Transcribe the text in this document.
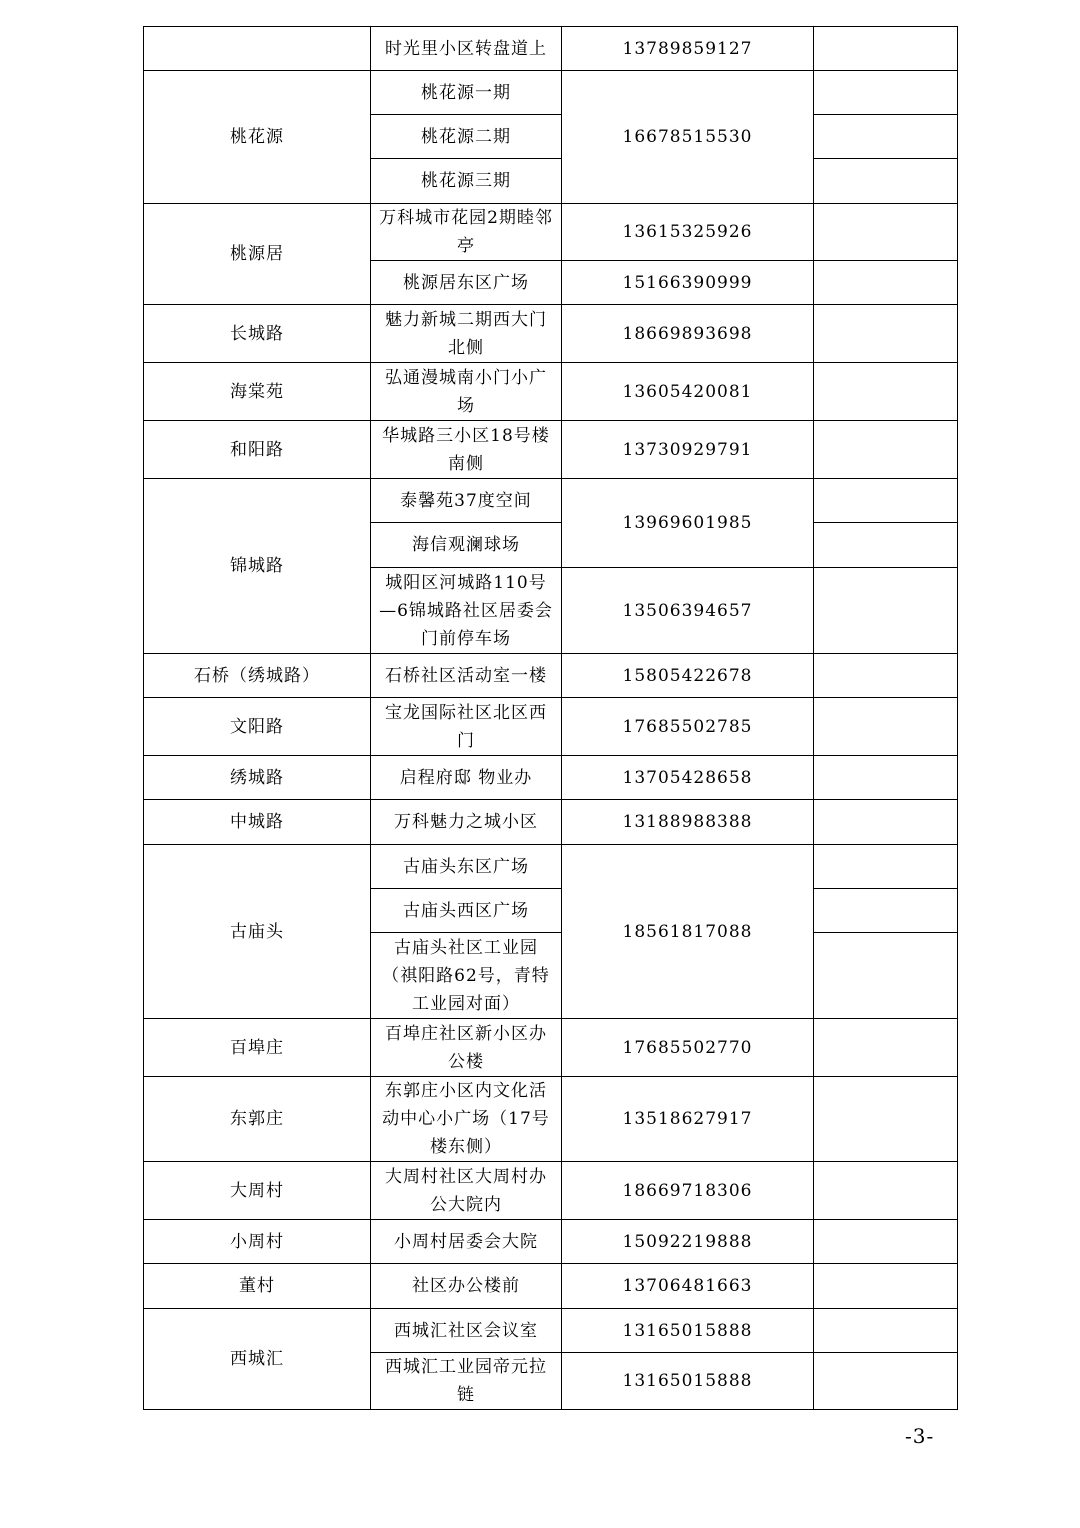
	时光里小区转盘道上	13789859127	
桃花源	桃花源一期	16678515530	
	桃花源二期		
	桃花源三期		
桃源居	万科城市花园2期睦邻亭	13615325926	
	桃源居东区广场	15166390999	
长城路	魅力新城二期西大门北侧	18669893698	
海棠苑	弘通漫城南小门小广场	13605420081	
和阳路	华城路三小区18号楼南侧	13730929791	
锦城路	泰馨苑37度空间	13969601985	
	海信观澜球场		
	城阳区河城路110号—6锦城路社区居委会门前停车场	13506394657	
石桥（绣城路）	石桥社区活动室一楼	15805422678	
文阳路	宝龙国际社区北区西门	17685502785	
绣城路	启程府邸 物业办	13705428658	
中城路	万科魅力之城小区	13188988388	
古庙头	古庙头东区广场	18561817088	
	古庙头西区广场		
	古庙头社区工业园（祺阳路62号，青特工业园对面）		
百埠庄	百埠庄社区新小区办公楼	17685502770	
东郭庄	东郭庄小区内文化活动中心小广场（17号楼东侧）	13518627917	
大周村	大周村社区大周村办公大院内	18669718306	
小周村	小周村居委会大院	15092219888	
董村	社区办公楼前	13706481663	
西城汇	西城汇社区会议室	13165015888	
	西城汇工业园帝元拉链	13165015888	
-3-
